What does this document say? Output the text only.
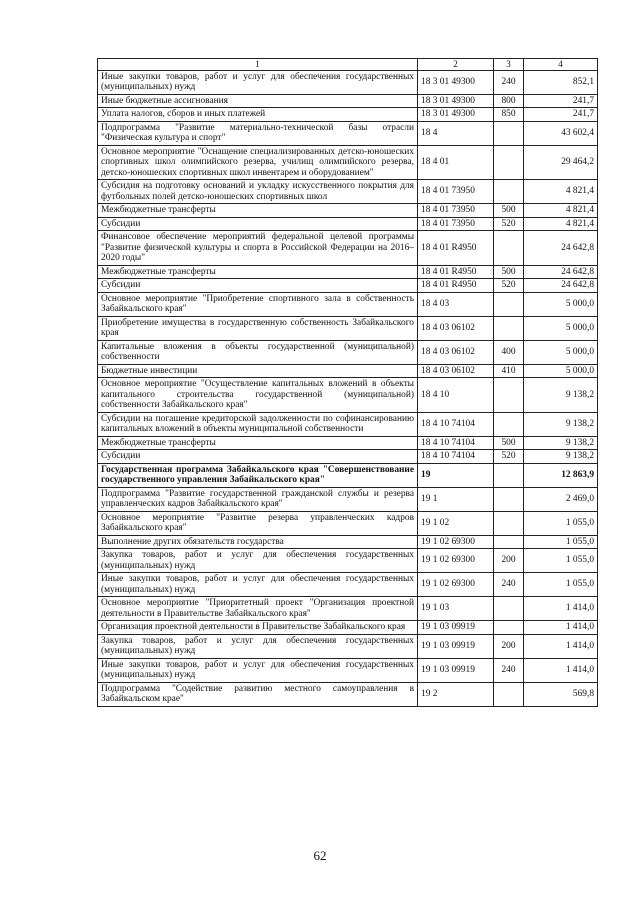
1	2	3	4
Иные закупки товаров, работ и услуг для обеспечения государственных (муниципальных) нужд	18 3 01 49300	240	852,1
Иные бюджетные ассигнования	18 3 01 49300	800	241,7
Уплата налогов, сборов и иных платежей	18 3 01 49300	850	241,7
Подпрограмма "Развитие материально-технической базы отрасли "Физическая культура и спорт"	18 4		43 602,4
Основное мероприятие "Оснащение специализированных детско-юношеских спортивных школ олимпийского резерва, училищ олимпийского резерва, детско-юношеских спортивных школ инвентарем и оборудованием"	18 4 01		29 464,2
Субсидия на подготовку оснований и укладку искусственного покрытия для футбольных полей детско-юношеских спортивных школ	18 4 01 73950		4 821,4
Межбюджетные трансферты	18 4 01 73950	500	4 821,4
Субсидии	18 4 01 73950	520	4 821,4
Финансовое обеспечение мероприятий федеральной целевой программы "Развитие физической культуры и спорта в Российской Федерации на 2016–2020 годы"	18 4 01 R4950		24 642,8
Межбюджетные трансферты	18 4 01 R4950	500	24 642,8
Субсидии	18 4 01 R4950	520	24 642,8
Основное мероприятие "Приобретение спортивного зала в собственность Забайкальского края"	18 4 03		5 000,0
Приобретение имущества в государственную собственность Забайкальского края	18 4 03 06102		5 000,0
Капитальные вложения в объекты государственной (муниципальной) собственности	18 4 03 06102	400	5 000,0
Бюджетные инвестиции	18 4 03 06102	410	5 000,0
Основное мероприятие "Осуществление капитальных вложений в объекты капитального строительства государственной (муниципальной) собственности Забайкальского края"	18 4 10		9 138,2
Субсидии на погашение кредиторской задолженности по софинансированию капитальных вложений в объекты муниципальной собственности	18 4 10 74104		9 138,2
Межбюджетные трансферты	18 4 10 74104	500	9 138,2
Субсидии	18 4 10 74104	520	9 138,2
Государственная программа Забайкальского края "Совершенствование государственного управления Забайкальского края"	19		12 863,9
Подпрограмма "Развитие государственной гражданской службы и резерва управленческих кадров Забайкальского края"	19 1		2 469,0
Основное мероприятие "Развитие резерва управленческих кадров Забайкальского края"	19 1 02		1 055,0
Выполнение других обязательств государства	19 1 02 69300		1 055,0
Закупка товаров, работ и услуг для обеспечения государственных (муниципальных) нужд	19 1 02 69300	200	1 055,0
Иные закупки товаров, работ и услуг для обеспечения государственных (муниципальных) нужд	19 1 02 69300	240	1 055,0
Основное мероприятие "Приоритетный проект "Организация проектной деятельности в Правительстве Забайкальского края"	19 1 03		1 414,0
Организация проектной деятельности в Правительстве Забайкальского края	19 1 03 09919		1 414,0
Закупка товаров, работ и услуг для обеспечения государственных (муниципальных) нужд	19 1 03 09919	200	1 414,0
Иные закупки товаров, работ и услуг для обеспечения государственных (муниципальных) нужд	19 1 03 09919	240	1 414,0
Подпрограмма "Содействие развитию местного самоуправления в Забайкальском крае"	19 2		569,8
62
